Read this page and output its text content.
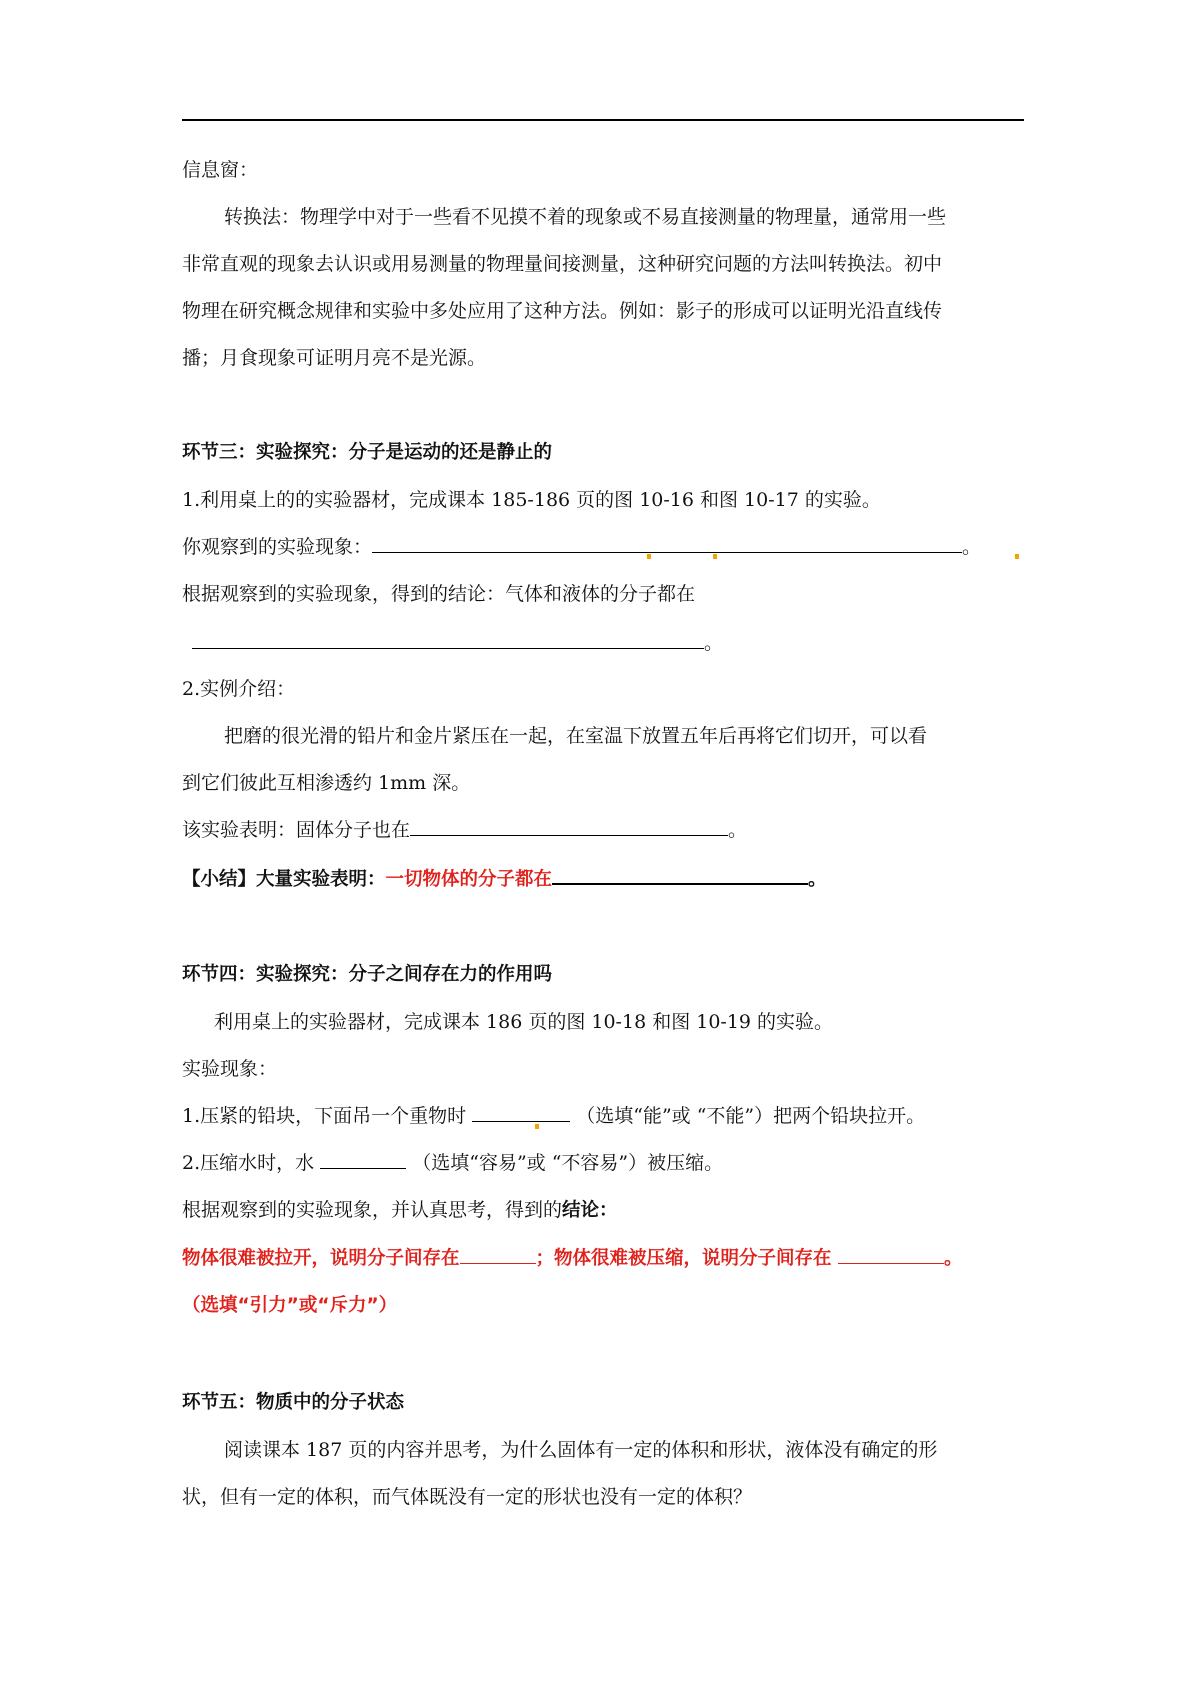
信息窗：
转换法：物理学中对于一些看不见摸不着的现象或不易直接测量的物理量，通常用一些
非常直观的现象去认识或用易测量的物理量间接测量，这种研究问题的方法叫转换法。初中
物理在研究概念规律和实验中多处应用了这种方法。例如：影子的形成可以证明光沿直线传
播；月食现象可证明月亮不是光源。
环节三：实验探究：分子是运动的还是静止的
1.利用桌上的的实验器材，完成课本 185-186 页的图 10-16 和图 10-17 的实验。
你观察到的实验现象：	。
根据观察到的实验现象，得到的结论：气体和液体的分子都在
。
2.实例介绍：
把磨的很光滑的铅片和金片紧压在一起，在室温下放置五年后再将它们切开，可以看
到它们彼此互相渗透约 1mm 深。
该实验表明：固体分子也在	。
【小结】大量实验表明：一切物体的分子都在	。
环节四：实验探究：分子之间存在力的作用吗
利用桌上的实验器材，完成课本 186 页的图 10-18 和图 10-19 的实验。
实验现象：
1.压紧的铅块，下面吊一个重物时	（选填“能”或 “不能”）把两个铅块拉开。
2.压缩水时，水	（选填“容易”或 “不容易”）被压缩。
根据观察到的实验现象，并认真思考，得到的结论：
物体很难被拉开，说明分子间存在	；物体很难被压缩，说明分子间存在	。
（选填“引力”或“斥力”）
环节五：物质中的分子状态
阅读课本 187 页的内容并思考，为什么固体有一定的体积和形状，液体没有确定的形
状，但有一定的体积，而气体既没有一定的形状也没有一定的体积？
